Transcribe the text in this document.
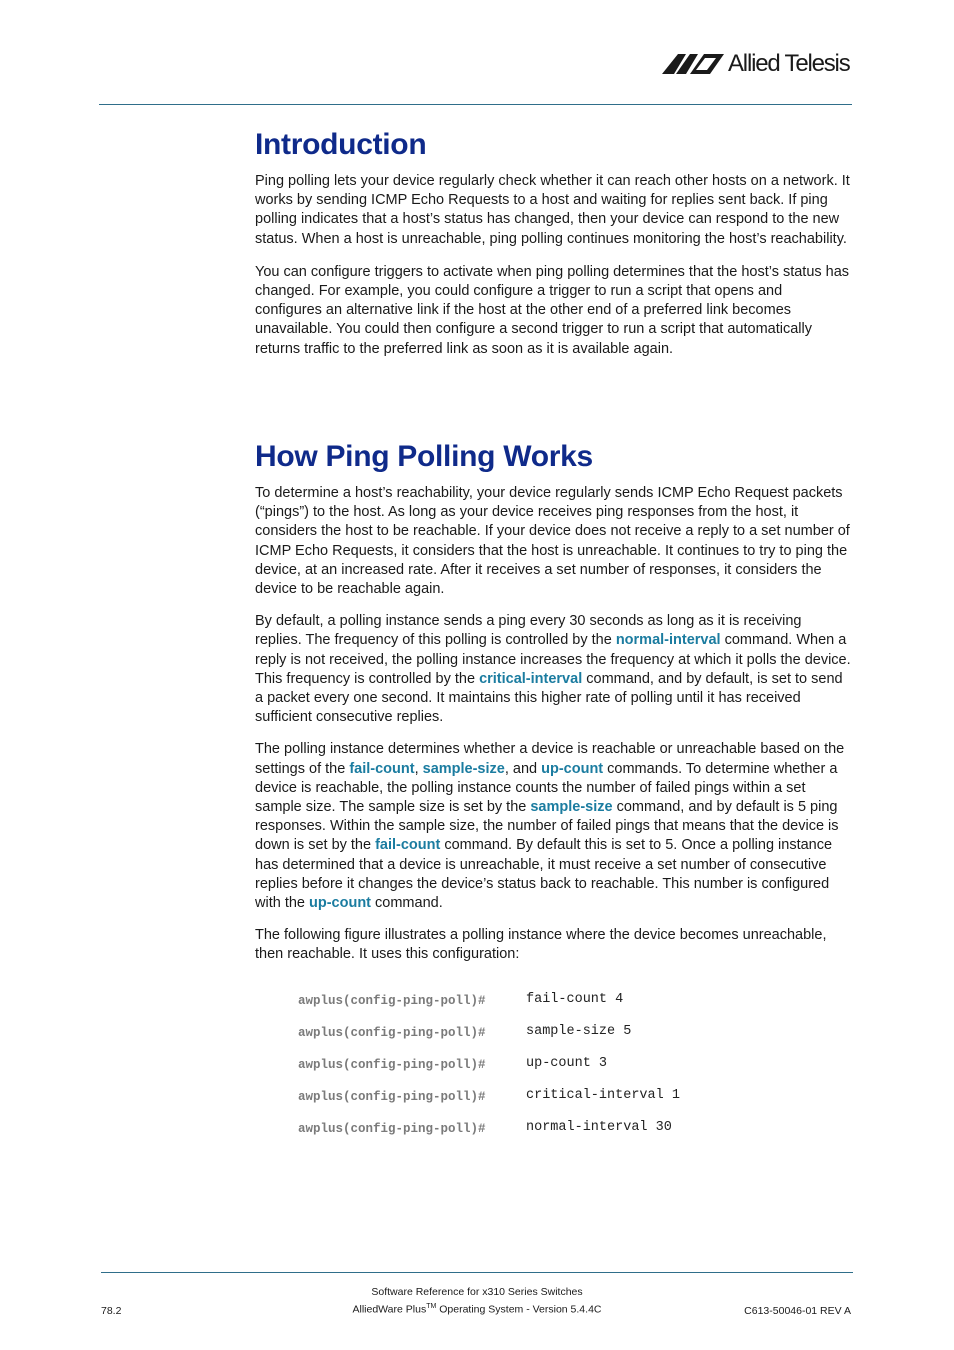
Allied Telesis
Introduction

Ping polling lets your device regularly check whether it can reach other hosts on a network. It works by sending ICMP Echo Requests to a host and waiting for replies sent back. If ping polling indicates that a host’s status has changed, then your device can respond to the new status. When a host is unreachable, ping polling continues monitoring the host’s reachability.

You can configure triggers to activate when ping polling determines that the host’s status has changed. For example, you could configure a trigger to run a script that opens and configures an alternative link if the host at the other end of a preferred link becomes unavailable. You could then configure a second trigger to run a script that automatically returns traffic to the preferred link as soon as it is available again.

How Ping Polling Works

To determine a host’s reachability, your device regularly sends ICMP Echo Request packets (“pings”) to the host. As long as your device receives ping responses from the host, it considers the host to be reachable. If your device does not receive a reply to a set number of ICMP Echo Requests, it considers that the host is unreachable. It continues to try to ping the device, at an increased rate. After it receives a set number of responses, it considers the device to be reachable again.

By default, a polling instance sends a ping every 30 seconds as long as it is receiving replies. The frequency of this polling is controlled by the normal-interval command. When a reply is not received, the polling instance increases the frequency at which it polls the device. This frequency is controlled by the critical-interval command, and by default, is set to send a packet every one second. It maintains this higher rate of polling until it has received sufficient consecutive replies.

The polling instance determines whether a device is reachable or unreachable based on the settings of the fail-count, sample-size, and up-count commands. To determine whether a device is reachable, the polling instance counts the number of failed pings within a set sample size. The sample size is set by the sample-size command, and by default is 5 ping responses. Within the sample size, the number of failed pings that means that the device is down is set by the fail-count command. By default this is set to 5. Once a polling instance has determined that a device is unreachable, it must receive a set number of consecutive replies before it changes the device’s status back to reachable. This number is configured with the up-count command.

The following figure illustrates a polling instance where the device becomes unreachable, then reachable. It uses this configuration:

awplus(config-ping-poll)#	fail-count 4
awplus(config-ping-poll)#	sample-size 5
awplus(config-ping-poll)#	up-count 3
awplus(config-ping-poll)#	critical-interval 1
awplus(config-ping-poll)#	normal-interval 30
Software Reference for x310 Series Switches
78.2	AlliedWare Plus™ Operating System - Version 5.4.4C	C613-50046-01 REV A
